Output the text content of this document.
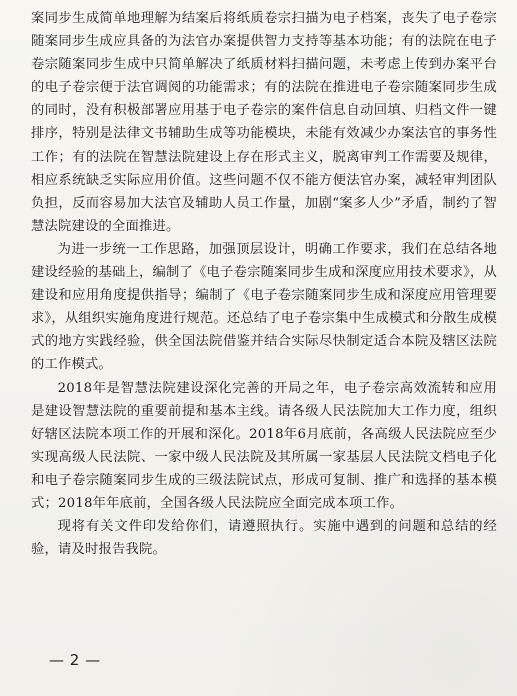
案同步生成简单地理解为结案后将纸质卷宗扫描为电子档案，丧失了电子卷宗随案同步生成应具备的为法官办案提供智力支持等基本功能；有的法院在电子卷宗随案同步生成中只简单解决了纸质材料扫描问题，未考虑上传到办案平台的电子卷宗便于法官调阅的功能需求；有的法院在推进电子卷宗随案同步生成的同时，没有积极部署应用基于电子卷宗的案件信息自动回填、归档文件一键排序，特别是法律文书辅助生成等功能模块，未能有效减少办案法官的事务性工作；有的法院在智慧法院建设上存在形式主义，脱离审判工作需要及规律，相应系统缺乏实际应用价值。这些问题不仅不能方便法官办案，减轻审判团队负担，反而容易加大法官及辅助人员工作量，加剧“案多人少”矛盾，制约了智慧法院建设的全面推进。

为进一步统一工作思路，加强顶层设计，明确工作要求，我们在总结各地建设经验的基础上，编制了《电子卷宗随案同步生成和深度应用技术要求》，从建设和应用角度提供指导；编制了《电子卷宗随案同步生成和深度应用管理要求》，从组织实施角度进行规范。还总结了电子卷宗集中生成模式和分散生成模式的地方实践经验，供全国法院借鉴并结合实际尽快制定适合本院及辖区法院的工作模式。

2018年是智慧法院建设深化完善的开局之年，电子卷宗高效流转和应用是建设智慧法院的重要前提和基本主线。请各级人民法院加大工作力度，组织好辖区法院本项工作的开展和深化。2018年6月底前，各高级人民法院应至少实现高级人民法院、一家中级人民法院及其所属一家基层人民法院文档电子化和电子卷宗随案同步生成的三级法院试点，形成可复制、推广和选择的基本模式；2018年年底前，全国各级人民法院应全面完成本项工作。

现将有关文件印发给你们，请遵照执行。实施中遇到的问题和总结的经验，请及时报告我院。

— 2 —
